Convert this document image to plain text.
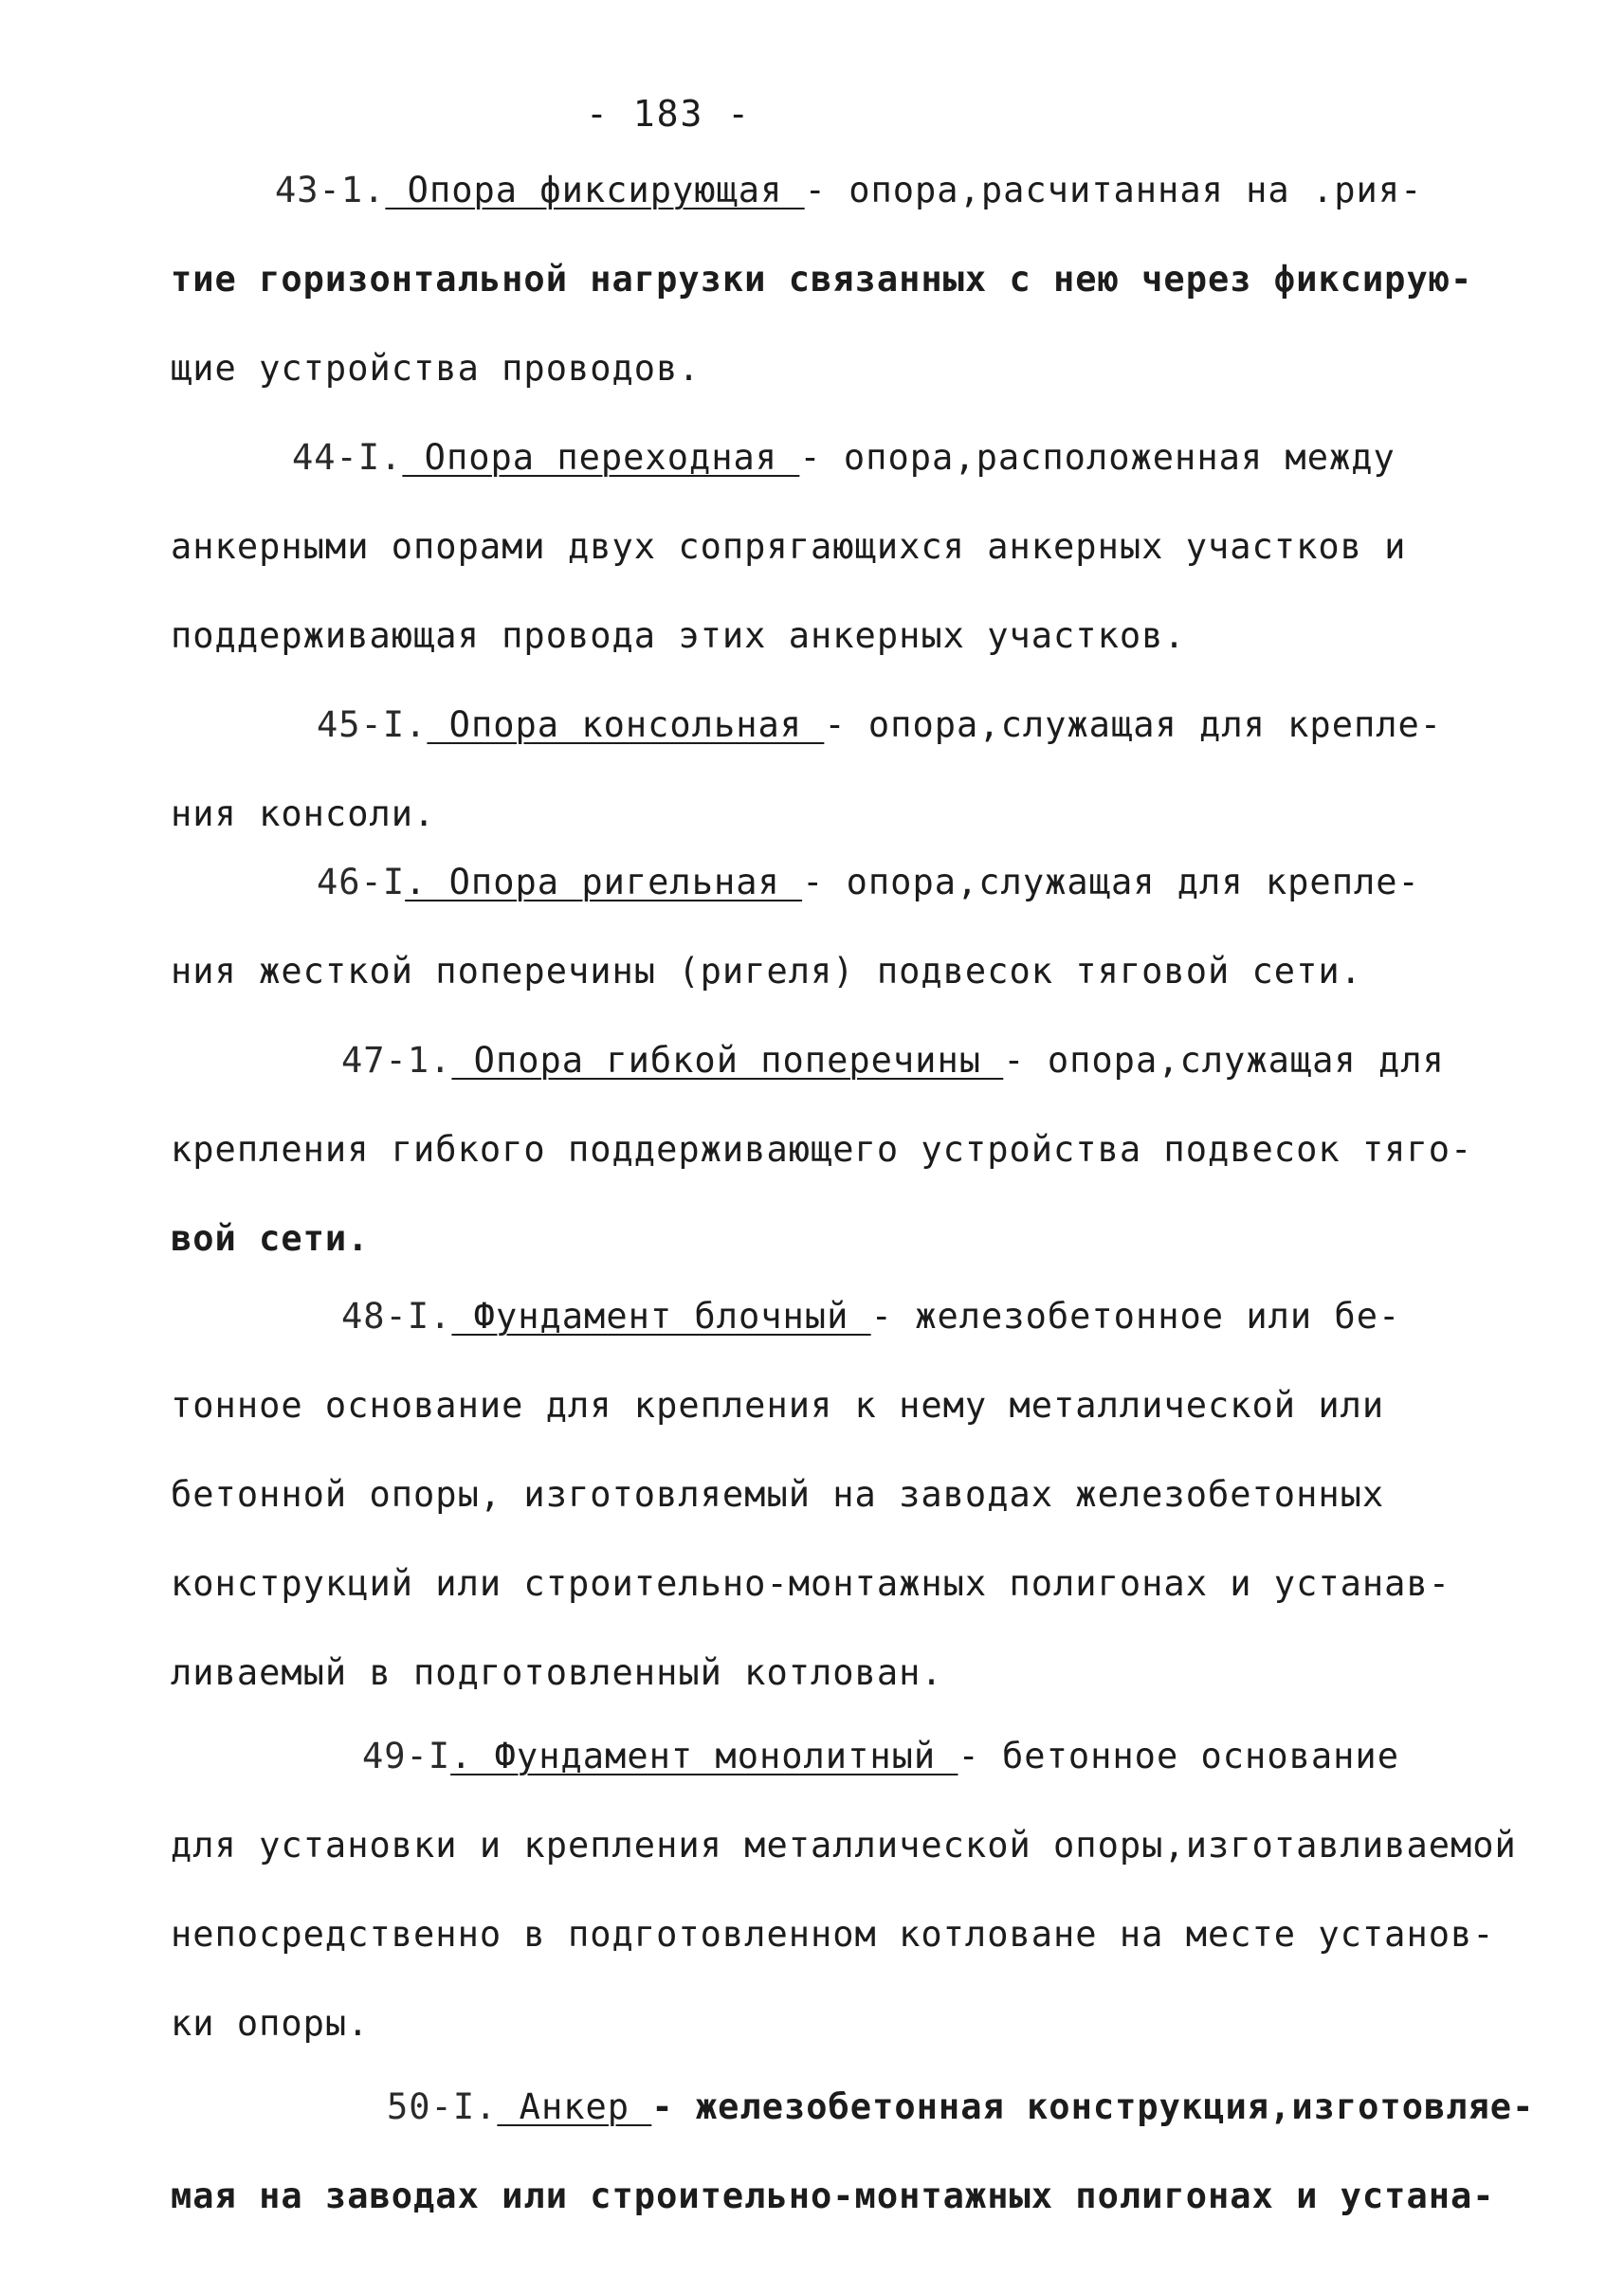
- 183 -
43-1. Опора фиксирующая - опора,расчитанная на .рия-
тие горизонтальной нагрузки связанных с нею через фиксирую-
щие устройства проводов.
44-I. Опора переходная - опора,расположенная между
анкерными опорами двух сопрягающихся анкерных участков и
поддерживающая провода этих анкерных участков.
45-I. Опора консольная - опора,служащая для крепле-
ния консоли.
46-I. Опора ригельная - опора,служащая для крепле-
ния жесткой поперечины (ригеля) подвесок тяговой сети.
47-1. Опора гибкой поперечины - опора,служащая для
крепления гибкого поддерживающего устройства подвесок тяго-
вой сети.
48-I. Фундамент блочный - железобетонное или бе-
тонное основание для крепления к нему металлической или
бетонной опоры, изготовляемый на заводах железобетонных
конструкций или строительно-монтажных полигонах и устанав-
ливаемый в подготовленный котлован.
49-I. Фундамент монолитный - бетонное основание
для установки и крепления металлической опоры,изготавливаемой
непосредственно в подготовленном котловане на месте установ-
ки опоры.
50-I. Анкер - железобетонная конструкция,изготовляе-
мая на заводах или строительно-монтажных полигонах и устана-
